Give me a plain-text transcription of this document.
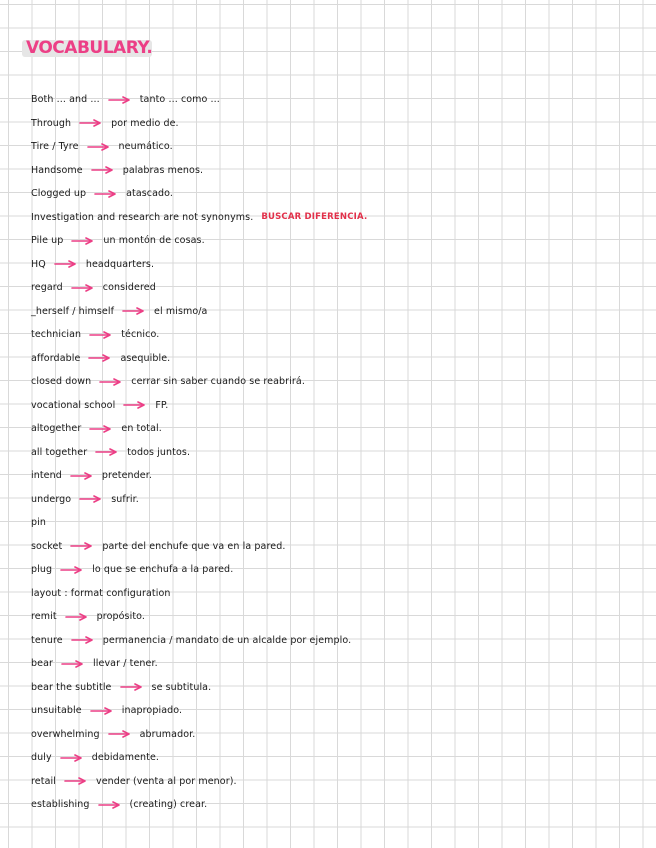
VOCABULARY.
Both ... and ...	tanto ... como ...
Through	por medio de.
Tire / Tyre	neumático.
Handsome	palabras menos.
Clogged up	atascado.
Investigation and research are not synonyms. BUSCAR DIFERENCIA.
Pile up	un montón de cosas.
HQ	headquarters.
regard	considered
_herself / himself	el mismo/a
technician	técnico.
affordable	asequible.
closed down	cerrar sin saber cuando se reabrirá.
vocational school	FP.
altogether	en total.
all together	todos juntos.
intend	pretender.
undergo	sufrir.
pin
socket	parte del enchufe que va en la pared.
plug	lo que se enchufa a la pared.
layout : format configuration
remit	propósito.
tenure	permanencia / mandato de un alcalde por ejemplo.
bear	llevar / tener.
bear the subtitle	se subtitula.
unsuitable	inapropiado.
overwhelming	abrumador.
duly	debidamente.
retail	vender (venta al por menor).
establishing	(creating) crear.
